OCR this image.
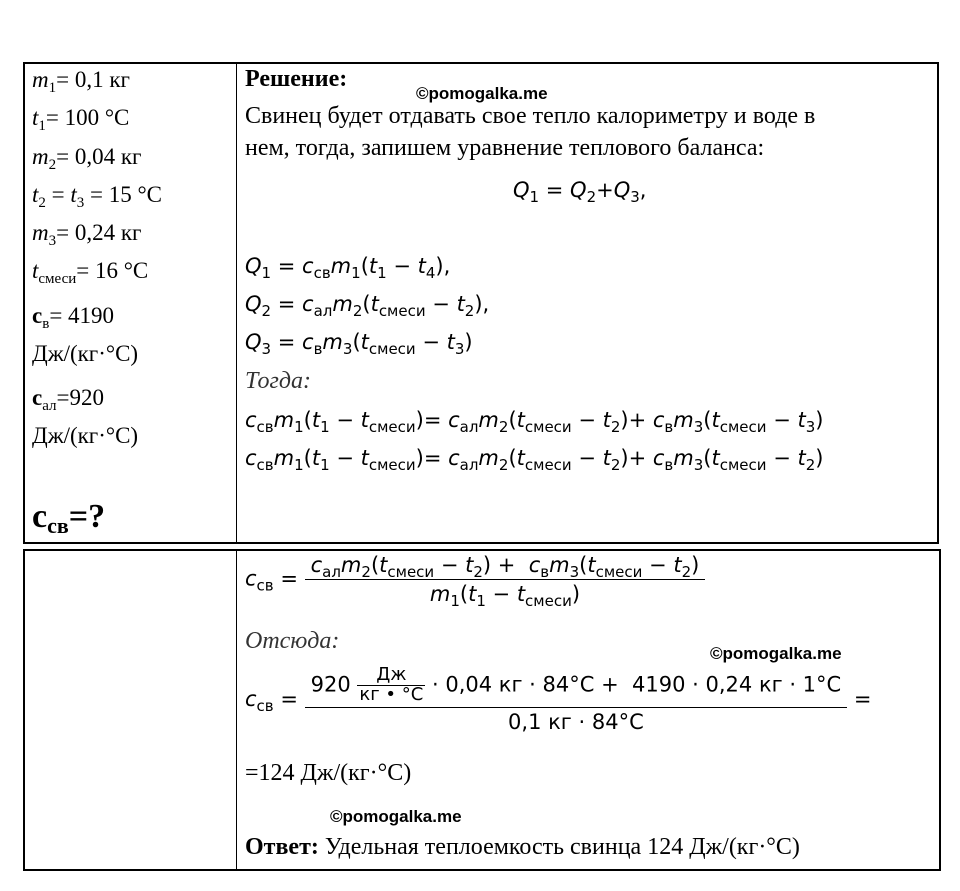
$m_1= 0,1$ кг
$t_1= 100$ °С
$m_2= 0,04$ кг
$t_2 = t_3 = 15$ °С
$m_3= 0,24$ кг
$t_{смеси}= 16$ °С
$с_в= 4190$
Дж/(кг·°С)
$с_{ал}=920$
Дж/(кг·°С)
$с_{св}=$?
Решение:
©pomogalka.me
Свинец будет отдавать свое тепло калориметру и воде в
нем, тогда, запишем уравнение теплового баланса:
$Q_1 = Q_2+Q_3$,
$Q_1 = c_{св}m_1(t_1 - t_4)$,
$Q_2 = c_{ал}m_2(t_{смеси} - t_2)$,
$Q_3 = c_вm_3(t_{смеси} - t_3)$
Тогда:
$c_{св}m_1(t_1 - t_{смеси})= c_{ал}m_2(t_{смеси} - t_2)+ c_вm_3(t_{смеси} - t_3)$
$c_{св}m_1(t_1 - t_{смеси})= c_{ал}m_2(t_{смеси} - t_2)+ c_вm_3(t_{смеси} - t_2)$
$c_{св} = \frac{c_{ал}m_2(t_{смеси} - t_2) + c_вm_3(t_{смеси} - t_2)}{m_1(t_1 - t_{смеси})}$
Отсюда:	©pomogalka.me
$c_{св} = \frac{920 \frac{Дж}{кг • ^\circ С} \cdot 0,04 кг \cdot 84^\circ С + 4190 \cdot 0,24 кг \cdot 1^\circ С}{0,1 кг \cdot 84^\circ С}$ =
=124 Дж/(кг·°С)
©pomogalka.me
Ответ: Удельная теплоемкость свинца 124 Дж/(кг·°С)
